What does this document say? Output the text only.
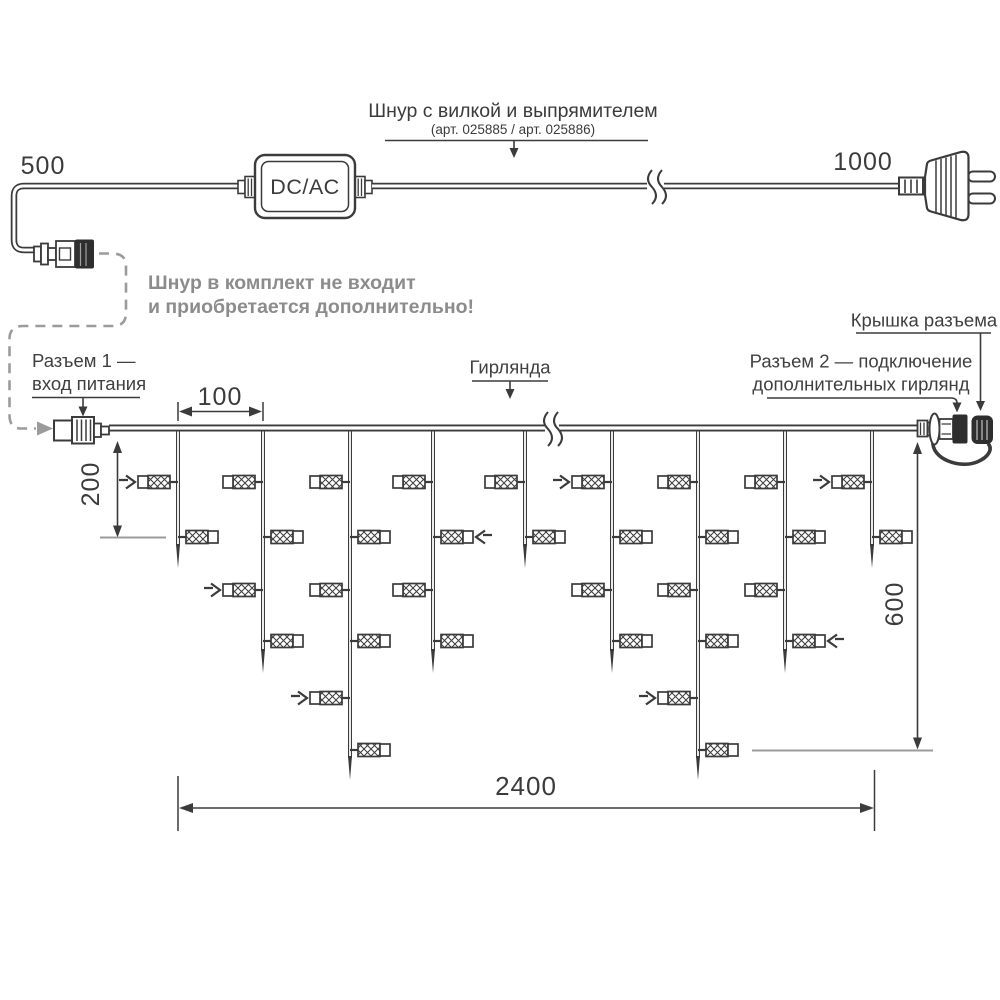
Шнур с вилкой и выпрямителем
(арт. 025885 / арт. 025886)
500	1000
Шнур в комплект не входит
и приобретается дополнительно!
DC/AC
Разъем 1 —
вход питания
Гирлянда	Разъем 2 — подключение
дополнительных гирлянд
Крышка разъема
100
200
600
2400
